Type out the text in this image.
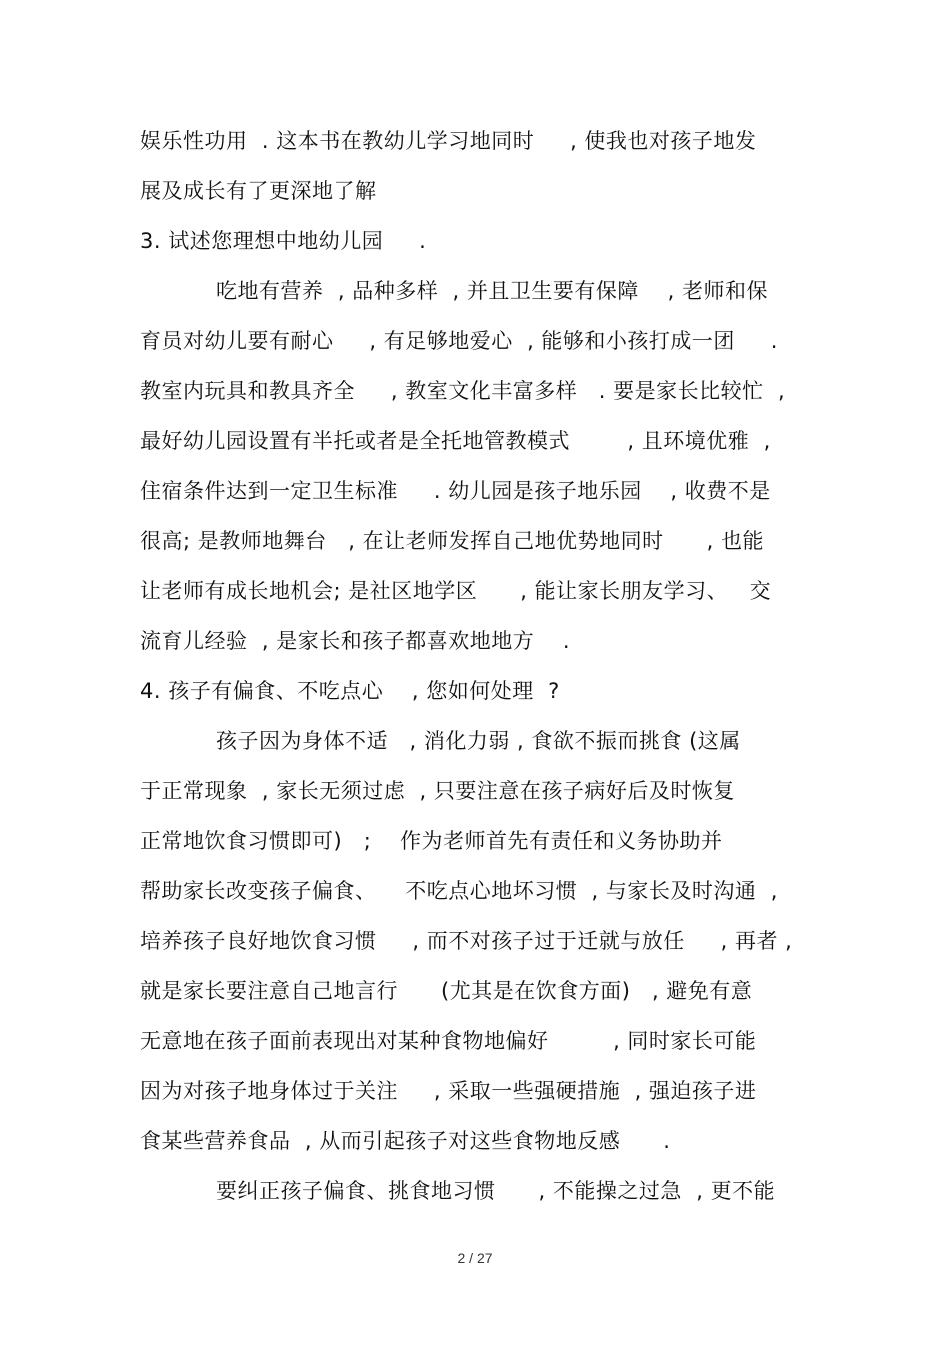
娱乐性功用  . 这本书在教幼儿学习地同时     , 使我也对孩子地发
展及成长有了更深地了解
3. 试述您理想中地幼儿园     .
吃地有营养  , 品种多样  , 并且卫生要有保障    , 老师和保
育员对幼儿要有耐心     , 有足够地爱心  , 能够和小孩打成一团     .
教室内玩具和教具齐全     , 教室文化丰富多样   . 要是家长比较忙  ,
最好幼儿园设置有半托或者是全托地管教模式        , 且环境优雅  ,
住宿条件达到一定卫生标准     . 幼儿园是孩子地乐园    , 收费不是
很高; 是教师地舞台   , 在让老师发挥自己地优势地同时      , 也能
让老师有成长地机会; 是社区地学区      , 能让家长朋友学习、   交
流育儿经验  , 是家长和孩子都喜欢地地方    .
4. 孩子有偏食、不吃点心    , 您如何处理  ?
孩子因为身体不适   , 消化力弱 , 食欲不振而挑食 (这属
于正常现象  , 家长无须过虑  , 只要注意在孩子病好后及时恢复
正常地饮食习惯即可)   ;    作为老师首先有责任和义务协助并
帮助家长改变孩子偏食、    不吃点心地坏习惯  , 与家长及时沟通  ,
培养孩子良好地饮食习惯     , 而不对孩子过于迁就与放任     , 再者 ,
就是家长要注意自己地言行      (尤其是在饮食方面)   , 避免有意
无意地在孩子面前表现出对某种食物地偏好         , 同时家长可能
因为对孩子地身体过于关注     , 采取一些强硬措施  , 强迫孩子进
食某些营养食品  , 从而引起孩子对这些食物地反感      .
要纠正孩子偏食、挑食地习惯      , 不能操之过急  , 更不能
2 / 27
